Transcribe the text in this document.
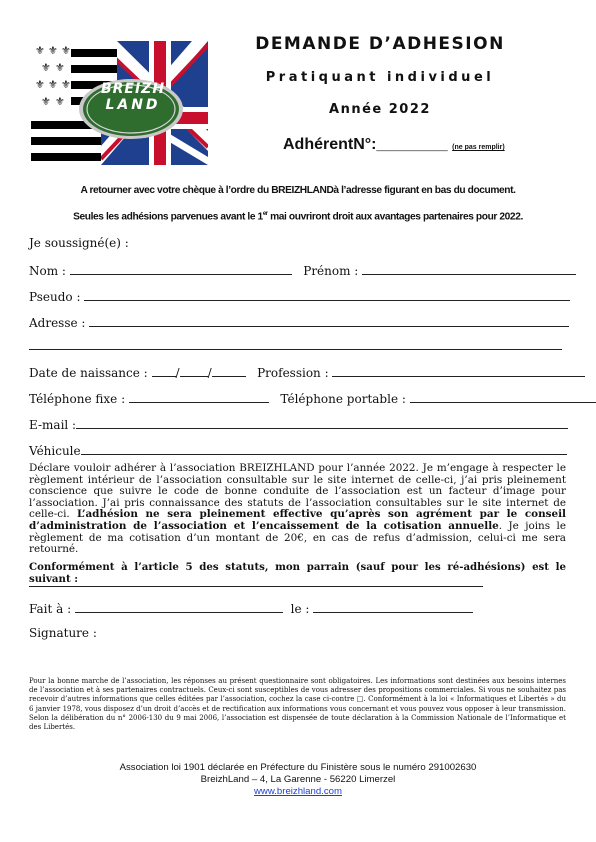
⚜ ⚜ ⚜
⚜ ⚜
⚜ ⚜ ⚜
⚜ ⚜
BREIZH
LAND
DEMANDE D’ADHESION
Pratiquant individuel
Année 2022
AdhérentN°:________ (ne pas remplir)
A retourner avec votre chèque à l’ordre du BREIZHLANDà l’adresse figurant en bas du document.
Seules les adhésions parvenues avant le 1er mai ouvriront droit aux avantages partenaires pour 2022.
Je soussigné(e) :
Nom :	Prénom :
Pseudo :
Adresse :
Date de naissance : / /	Profession :
Téléphone fixe :	Téléphone portable :
E-mail :
Véhicule
Déclare vouloir adhérer à l’association BREIZHLAND pour l’année 2022. Je m’engage à respecter le règlement intérieur de l’association consultable sur le site internet de celle-ci, j’ai pris pleinement conscience que suivre le code de bonne conduite de l’association est un facteur d’image pour l’association. J’ai pris connaissance des statuts de l’association consultables sur le site internet de celle-ci. L’adhésion ne sera pleinement effective qu’après son agrément par le conseil d’administration de l’association et l’encaissement de la cotisation annuelle. Je joins le règlement de ma cotisation d’un montant de 20€, en cas de refus d’admission, celui-ci me sera retourné.
Conformément à l’article 5 des statuts, mon parrain (sauf pour les ré-adhésions) est le suivant :
Fait à :	le :
Signature :
Pour la bonne marche de l’association, les réponses au présent questionnaire sont obligatoires. Les informations sont destinées aux besoins internes de l’association et à ses partenaires contractuels. Ceux-ci sont susceptibles de vous adresser des propositions commerciales. Si vous ne souhaitez pas recevoir d’autres informations que celles éditées par l’association, cochez la case ci-contre □. Conformément à la loi « Informatiques et Libertés » du 6 janvier 1978, vous disposez d’un droit d’accès et de rectification aux informations vous concernant et vous pouvez vous opposer à leur transmission. Selon la délibération du n° 2006-130 du 9 mai 2006, l’association est dispensée de toute déclaration à la Commission Nationale de l’Informatique et des Libertés.
Association loi 1901 déclarée en Préfecture du Finistère sous le numéro 291002630
BreizhLand – 4, La Garenne - 56220 Limerzel
www.breizhland.com
